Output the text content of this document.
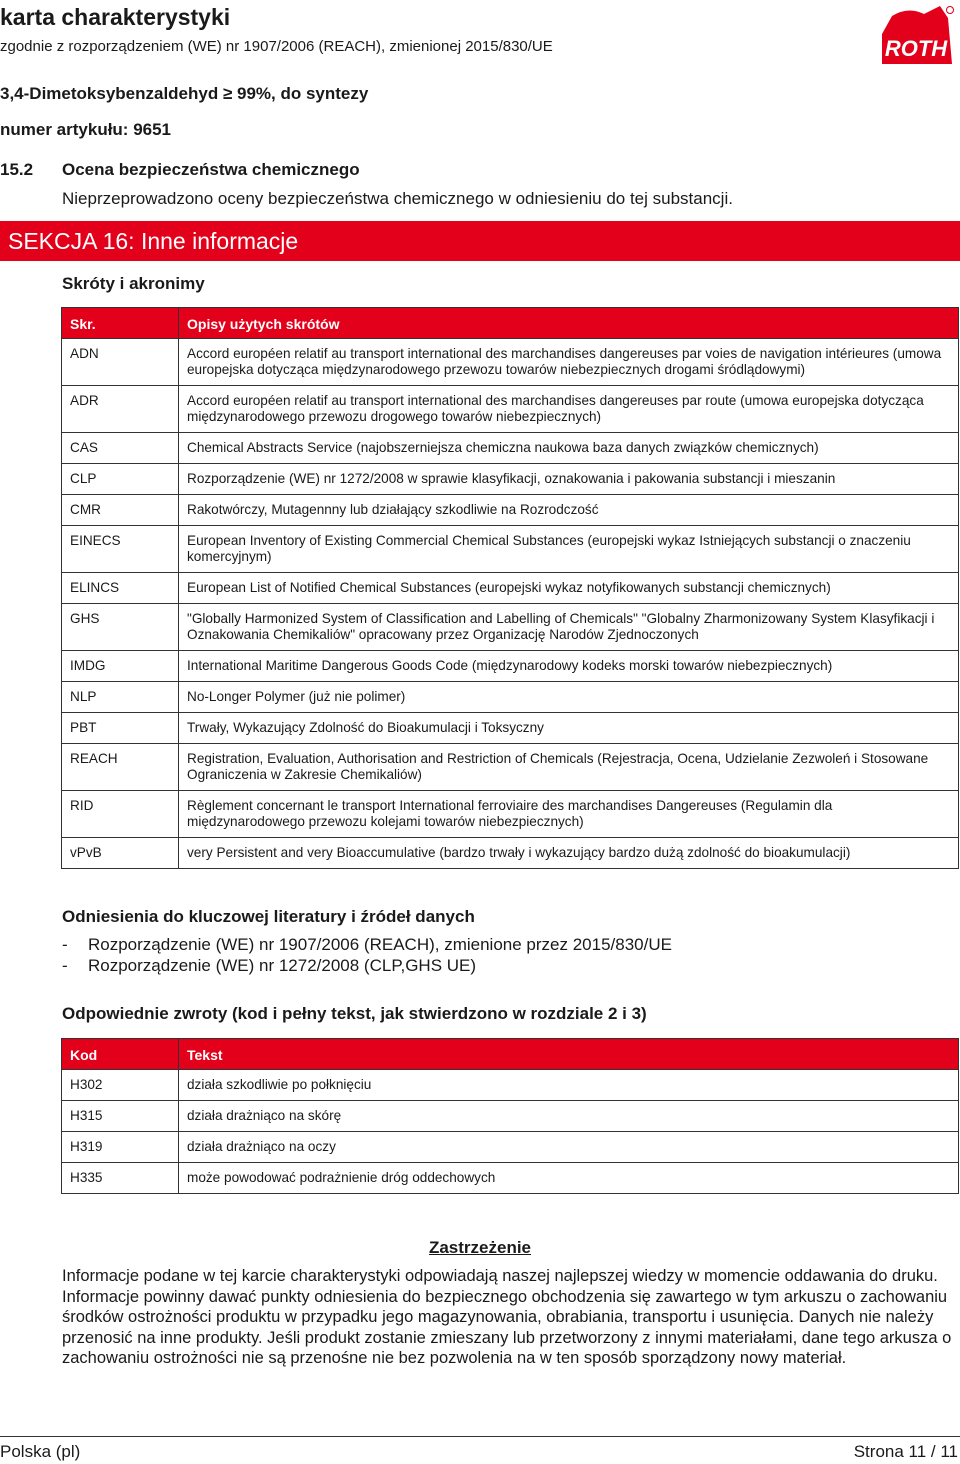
karta charakterystyki
zgodnie z rozporządzeniem (WE) nr 1907/2006 (REACH), zmienionej 2015/830/UE	ROTH
3,4-Dimetoksybenzaldehyd ≥ 99%, do syntezy
numer artykułu: 9651
15.2 Ocena bezpieczeństwa chemicznego
Nieprzeprowadzono oceny bezpieczeństwa chemicznego w odniesieniu do tej substancji.
SEKCJA 16: Inne informacje
Skróty i akronimy
Skr.	Opisy użytych skrótów
ADN	Accord européen relatif au transport international des marchandises dangereuses par voies de navigation intérieures (umowa europejska dotycząca międzynarodowego przewozu towarów niebezpiecznych drogami śródlądowymi)
ADR	Accord européen relatif au transport international des marchandises dangereuses par route (umowa europejska dotycząca międzynarodowego przewozu drogowego towarów niebezpiecznych)
CAS	Chemical Abstracts Service (najobszerniejsza chemiczna naukowa baza danych związków chemicznych)
CLP	Rozporządzenie (WE) nr 1272/2008 w sprawie klasyfikacji, oznakowania i pakowania substancji i mieszanin
CMR	Rakotwórczy, Mutagennny lub działający szkodliwie na Rozrodczość
EINECS	European Inventory of Existing Commercial Chemical Substances (europejski wykaz Istniejących substancji o znaczeniu komercyjnym)
ELINCS	European List of Notified Chemical Substances (europejski wykaz notyfikowanych substancji chemicznych)
GHS	"Globally Harmonized System of Classification and Labelling of Chemicals" "Globalny Zharmonizowany System Klasyfikacji i Oznakowania Chemikaliów" opracowany przez Organizację Narodów Zjednoczonych
IMDG	International Maritime Dangerous Goods Code (międzynarodowy kodeks morski towarów niebezpiecznych)
NLP	No-Longer Polymer (już nie polimer)
PBT	Trwały, Wykazujący Zdolność do Bioakumulacji i Toksyczny
REACH	Registration, Evaluation, Authorisation and Restriction of Chemicals (Rejestracja, Ocena, Udzielanie Zezwoleń i Stosowane Ograniczenia w Zakresie Chemikaliów)
RID	Règlement concernant le transport International ferroviaire des marchandises Dangereuses (Regulamin dla międzynarodowego przewozu kolejami towarów niebezpiecznych)
vPvB	very Persistent and very Bioaccumulative (bardzo trwały i wykazujący bardzo dużą zdolność do bioakumulacji)
Odniesienia do kluczowej literatury i źródeł danych
- Rozporządzenie (WE) nr 1907/2006 (REACH), zmienione przez 2015/830/UE
- Rozporządzenie (WE) nr 1272/2008 (CLP,GHS UE)
Odpowiednie zwroty (kod i pełny tekst, jak stwierdzono w rozdziale 2 i 3)
Kod	Tekst
H302	działa szkodliwie po połknięciu
H315	działa drażniąco na skórę
H319	działa drażniąco na oczy
H335	może powodować podrażnienie dróg oddechowych
Zastrzeżenie
Informacje podane w tej karcie charakterystyki odpowiadają naszej najlepszej wiedzy w momencie oddawania do druku. Informacje powinny dawać punkty odniesienia do bezpiecznego obchodzenia się zawartego w tym arkuszu o zachowaniu środków ostrożności produktu w przypadku jego magazynowania, obrabiania, transportu i usunięcia. Danych nie należy przenosić na inne produkty. Jeśli produkt zostanie zmieszany lub przetworzony z innymi materiałami, dane tego arkusza o zachowaniu ostrożności nie są przenośne nie bez pozwolenia na w ten sposób sporządzony nowy materiał.
Polska (pl)	Strona 11 / 11
